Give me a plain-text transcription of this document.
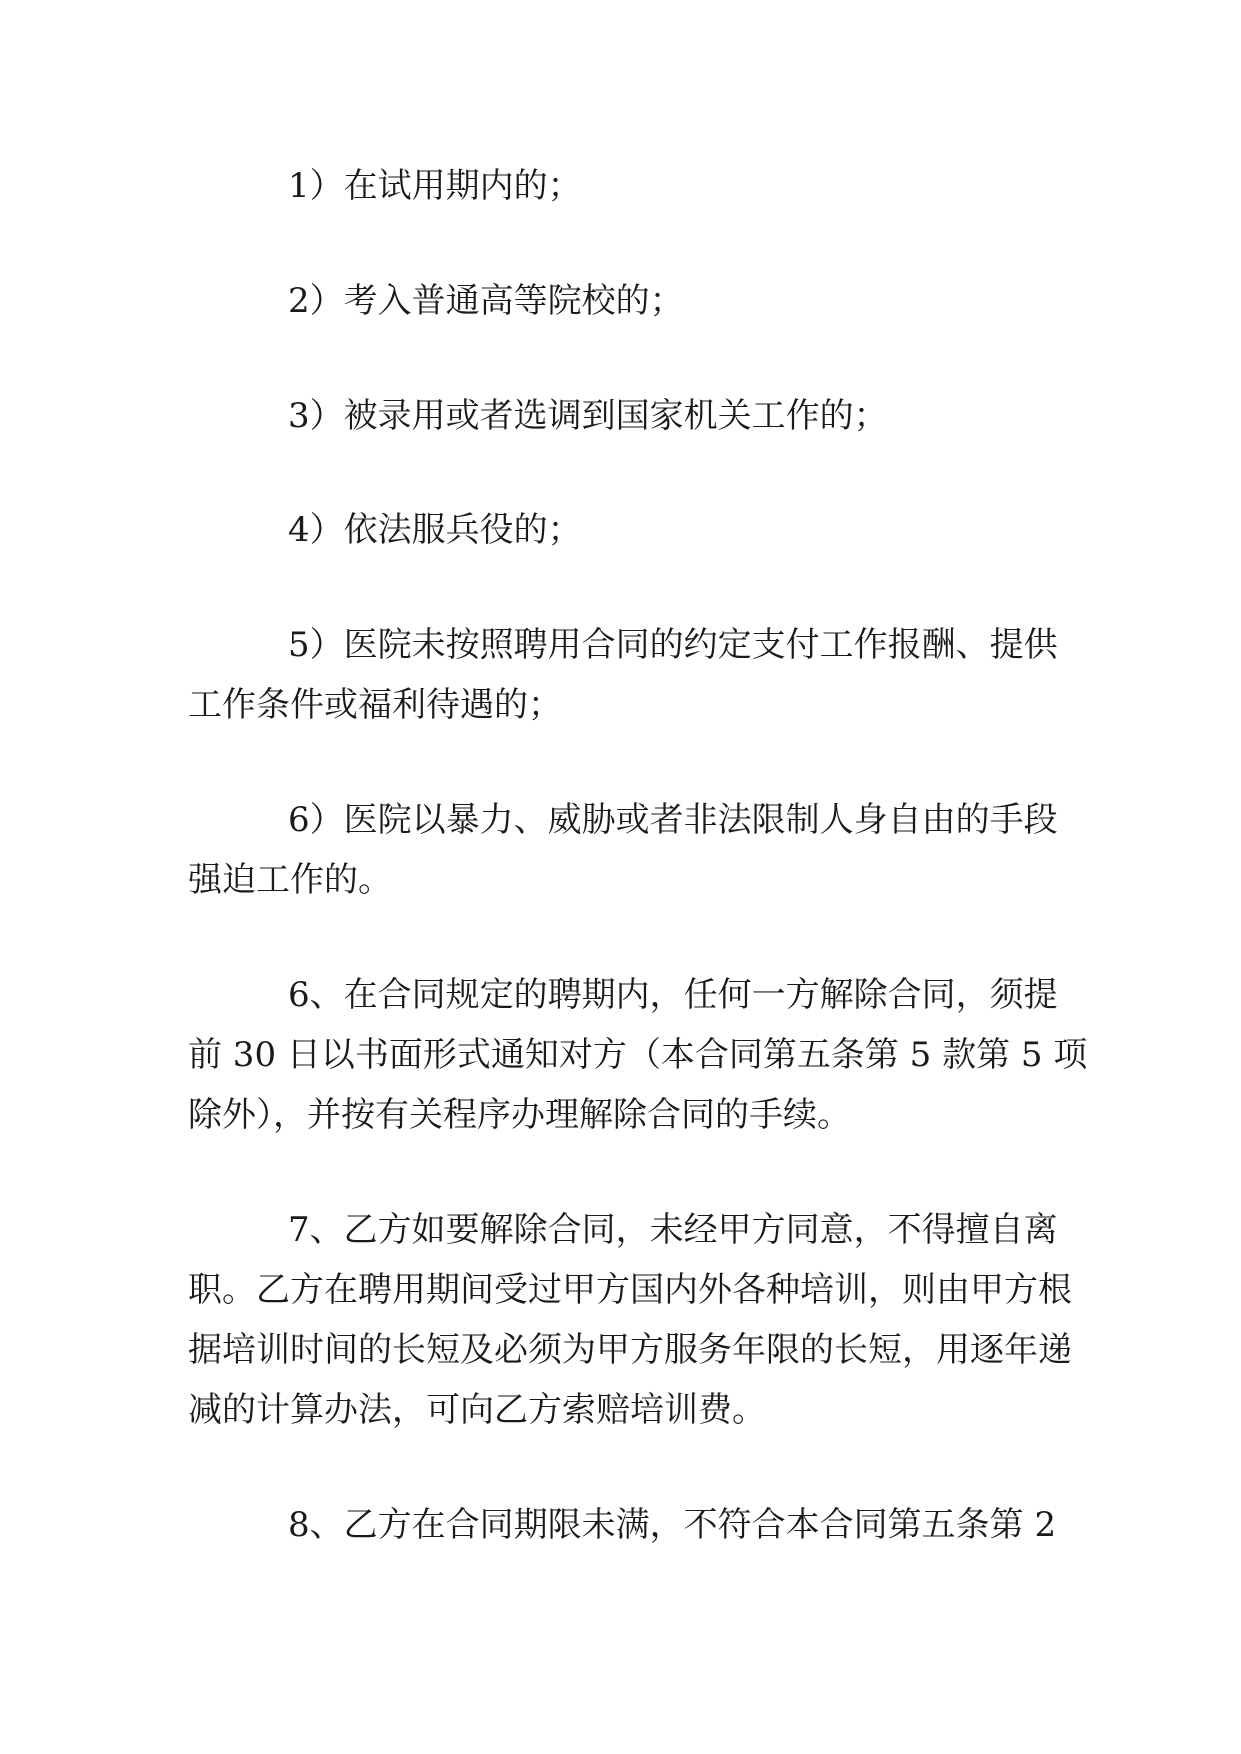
1）在试用期内的；
2）考入普通高等院校的；
3）被录用或者选调到国家机关工作的；
4）依法服兵役的；
5）医院未按照聘用合同的约定支付工作报酬、提供
工作条件或福利待遇的；
6）医院以暴力、威胁或者非法限制人身自由的手段
强迫工作的。
6、在合同规定的聘期内，任何一方解除合同，须提
前 30 日以书面形式通知对方（本合同第五条第 5 款第 5 项
除外），并按有关程序办理解除合同的手续。
7、乙方如要解除合同，未经甲方同意，不得擅自离
职。乙方在聘用期间受过甲方国内外各种培训，则由甲方根
据培训时间的长短及必须为甲方服务年限的长短，用逐年递
减的计算办法，可向乙方索赔培训费。
8、乙方在合同期限未满，不符合本合同第五条第 2
